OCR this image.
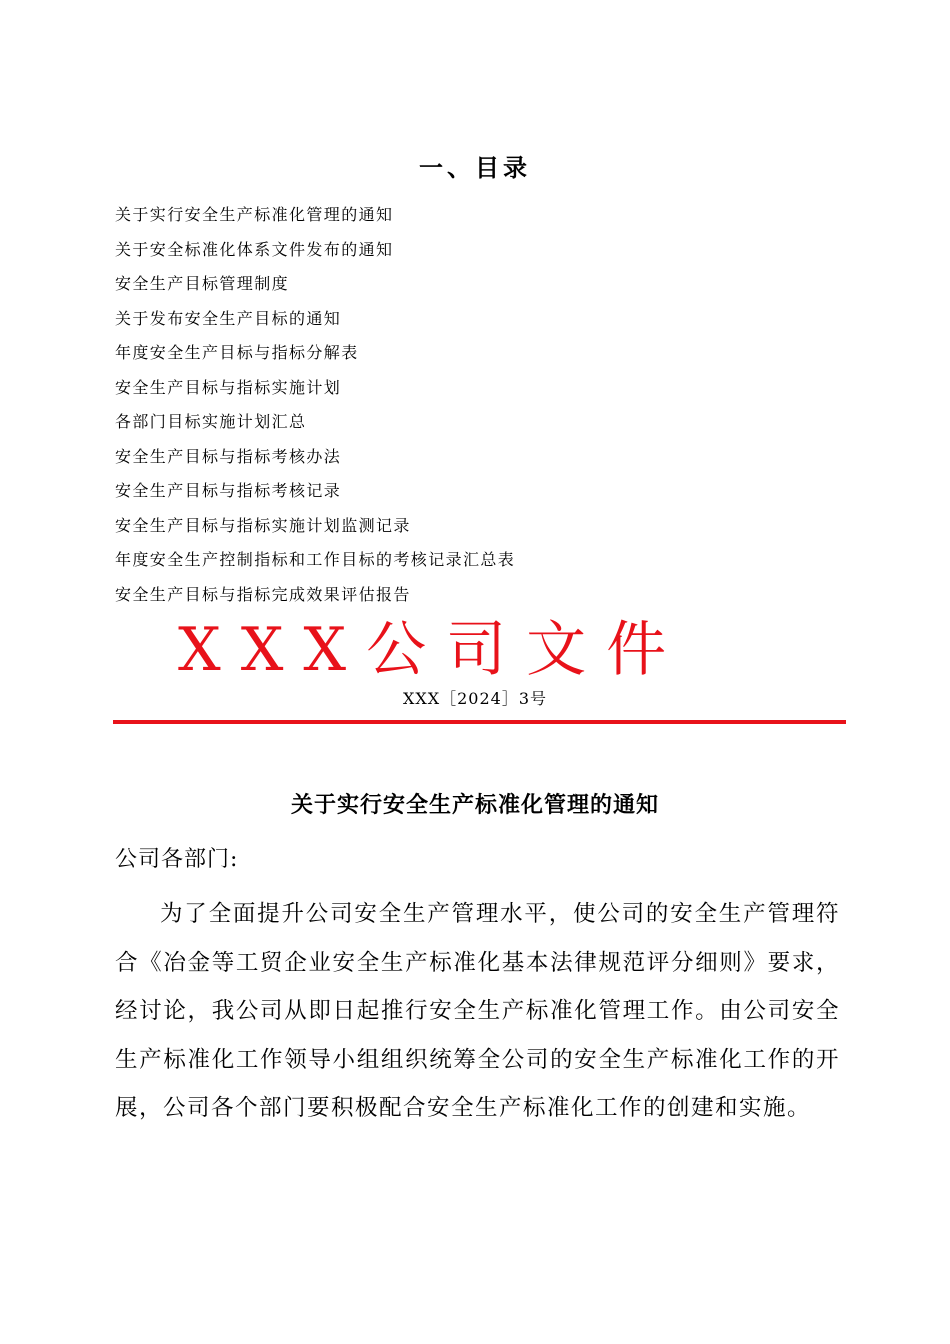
一、目录
关于实行安全生产标准化管理的通知
关于安全标准化体系文件发布的通知
安全生产目标管理制度
关于发布安全生产目标的通知
年度安全生产目标与指标分解表
安全生产目标与指标实施计划
各部门目标实施计划汇总
安全生产目标与指标考核办法
安全生产目标与指标考核记录
安全生产目标与指标实施计划监测记录
年度安全生产控制指标和工作目标的考核记录汇总表
安全生产目标与指标完成效果评估报告
XXX公司文件
XXX［2024］3号
关于实行安全生产标准化管理的通知
公司各部门:

为了全面提升公司安全生产管理水平，使公司的安全生产管理符合《冶金等工贸企业安全生产标准化基本法律规范评分细则》要求，经讨论，我公司从即日起推行安全生产标准化管理工作。由公司安全生产标准化工作领导小组组织统筹全公司的安全生产标准化工作的开展，公司各个部门要积极配合安全生产标准化工作的创建和实施。
